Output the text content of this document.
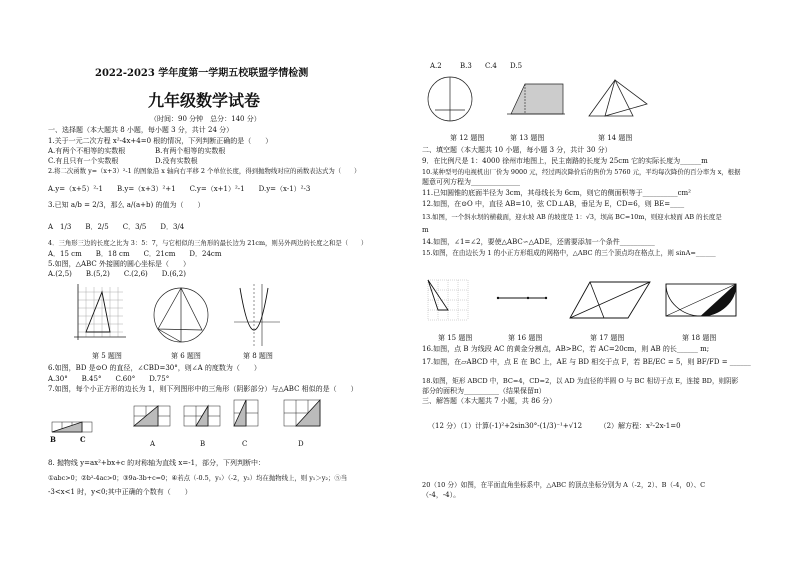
2022-2023 学年度第一学期五校联盟学情检测
九年级数学试卷
（时间：90 分钟　总分：140 分）
一、选择题（本大题共 8 小题，每小题 3 分，共计 24 分）
1.关于一元二次方程 x²-4x+4=0 根的情况，下列判断正确的是（　　）
A.有两个不相等的实数根	B.有两个相等的实数根
C.有且只有一个实数根	D.没有实数根
2.将二次函数 y=（x+3）²-1 的图象沿 x 轴向右平移 2 个单位长度，得到抛物线对应的函数表达式为（　　）
A.y=（x+5）²-1　　B.y=（x+3）²+1　　C.y=（x+1）²-1　　D.y=（x-1）²-3
3.已知 a/b = 2/3，那么 a/(a+b) 的值为（　　）
A　1/3　　B．2/5　　C．3/5　　D．3/4
4．三角形三边的长度之比为 3：5：7，与它相似的三角形的最长边为 21cm，则另外两边的长度之和是（　　）
A．15 cm　　B．18 cm　　C．21cm　　D．24cm
5.如图，△ABC 外接圆的圆心坐标是（　　）
A.(2,5)　　B.(5,2)　　C.(2,6)　　D.(6,2)
第 5 题图	第 6 题图	第 8 题图
6.如图，BD 是⊙O 的直径，∠CBD=30°，则∠A 的度数为（　　）
A.30°　　B.45°　　C.60°　　D.75°
7.如图，每个小正方形的边长为 1，则下列图形中的三角形（阴影部分）与△ABC 相似的是（　　）
B	C	A	B	C	D
8. 抛物线 y=ax²+bx+c 的对称轴为直线 x=-1，部分，下列判断中：
①abc>0；②b²-4ac>0；③9a-3b+c=0；④若点（-0.5，y₁）（-2，y₂）均在抛物线上，则 y₁＞y₂；⑤当
-3<x<1 时，y<0;其中正确的个数有（　　）
A.2	B.3 C.4 D.5
第 12 题图	第 13 题图	第 14 题图
二、填空题（本大题共 10 小题，每小题 3 分，共计 30 分）
9．在比例尺是 1：4000 徐州市地图上，民主南路的长度为 25cm 它的实际长度为______m
10.某种型号的电视机出厂价为 9000 元，经过两次降价后的售价为 5760 元，平均每次降价的百分率为 x，根据
题意可列方程为______________
11.已知圆锥的底面半径为 3cm，其母线长为 6cm，则它的侧面积等于__________cm²
12.如图，在⊙O 中，直径 AB=10，弦 CD⊥AB，垂足为 E，CD=6，则 BE=____
13.如图，一个斜水坝的横截面，迎水坡 AB 的坡度是 1：√3，坝高 BC=10m，则迎水坡面 AB 的长度是
m
14.如图，∠1=∠2，要使△ABC∽△ADE，还需要添加一个条件__________
15.如图，在由边长为 1 的小正方形组成的网格中，△ABC 的三个顶点均在格点上，则 sinA=______
第 15 题图	第 16 题图	第 17 题图	第 18 题图
16.如图，点 B 为线段 AC 的黄金分割点，AB>BC，若 AC=20cm，则 AB 的长______ m;
17.如图，在▱ABCD 中，点 E 在 BC 上，AE 与 BD 相交于点 F，若 BE/EC = 5，则 BF/FD = ______
18.如图，矩形 ABCD 中，BC=4，CD=2，以 AD 为直径的半圆 O 与 BC 相切于点 E，连接 BD，则阴影
部分的面积为__________（结果保留π）
三、解答题（本大题共 7 小题，共 86 分）
（12 分）（1）计算(-1)²+2sin30°-(1/3)⁻¹+√12　　　（2）解方程：x²-2x-1=0
20（10 分）如图，在平面直角坐标系中，△ABC 的顶点坐标分别为 A（-2，2）、B（-4，0）、C
（-4，-4）。
